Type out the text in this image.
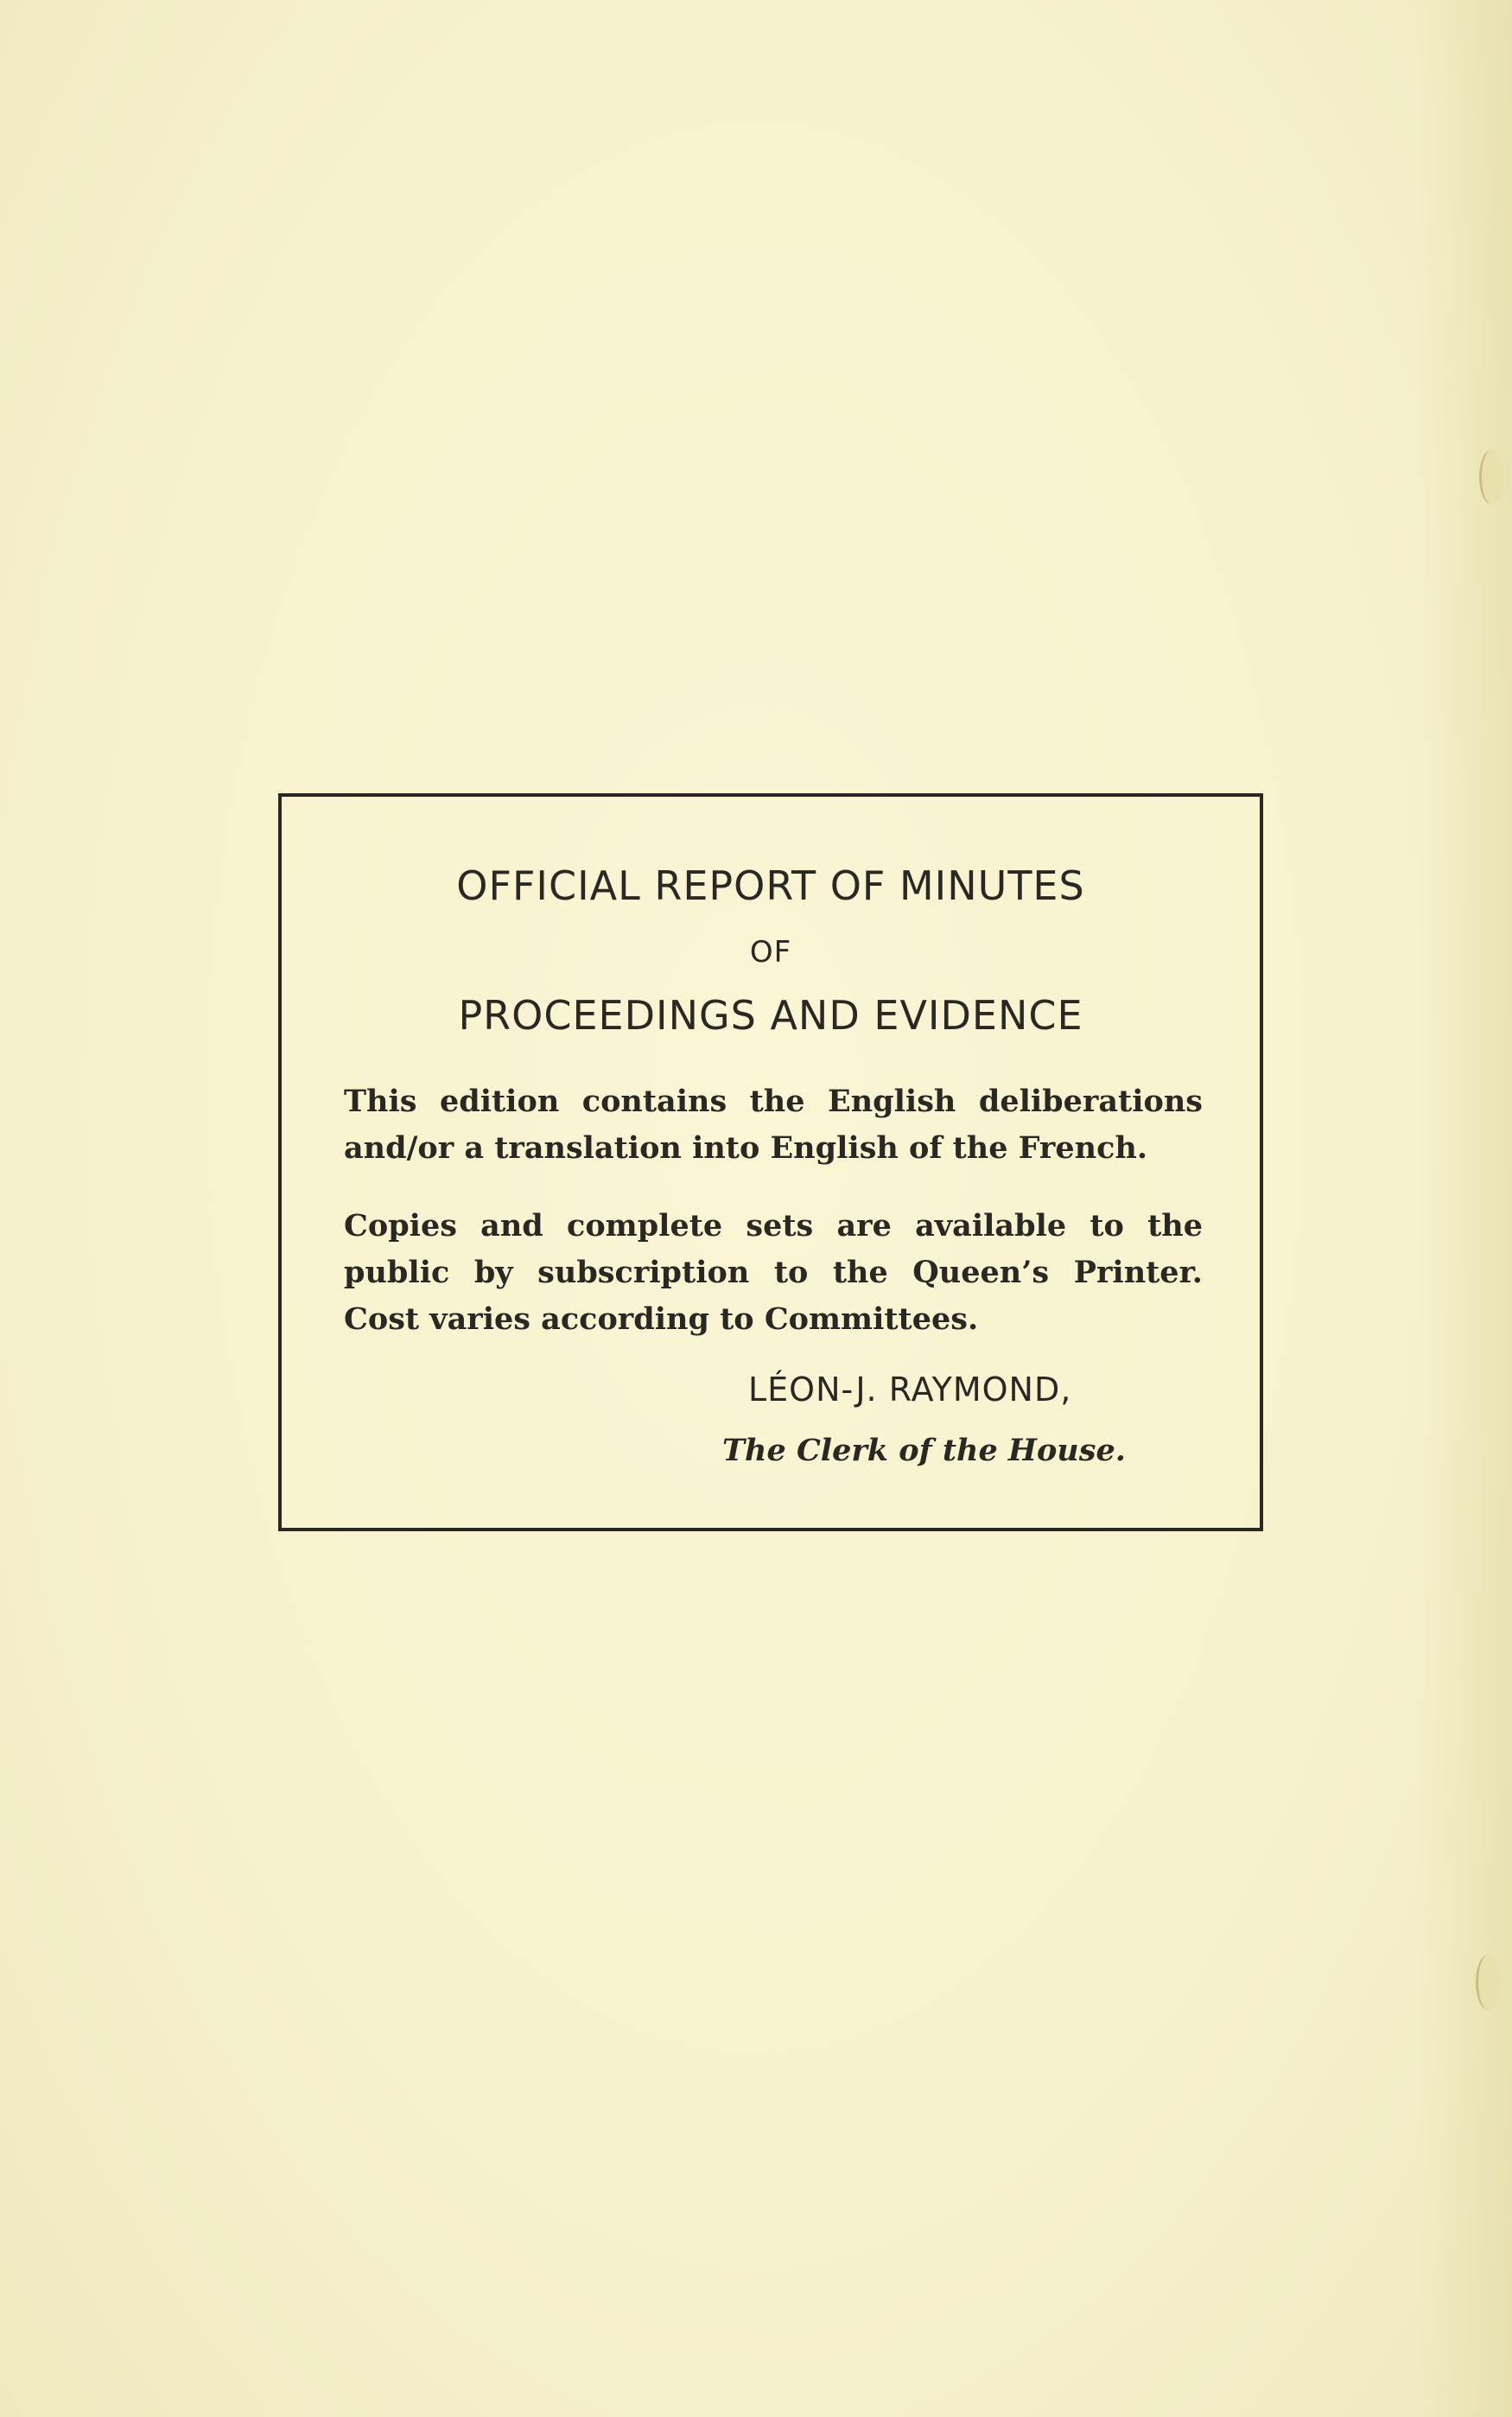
OFFICIAL REPORT OF MINUTES
OF
PROCEEDINGS AND EVIDENCE

This edition contains the English deliberations
and/or a translation into English of the French.

Copies and complete sets are available to the
public by subscription to the Queen’s Printer.
Cost varies according to Committees.

LÉON-J. RAYMOND,

The Clerk of the House.
